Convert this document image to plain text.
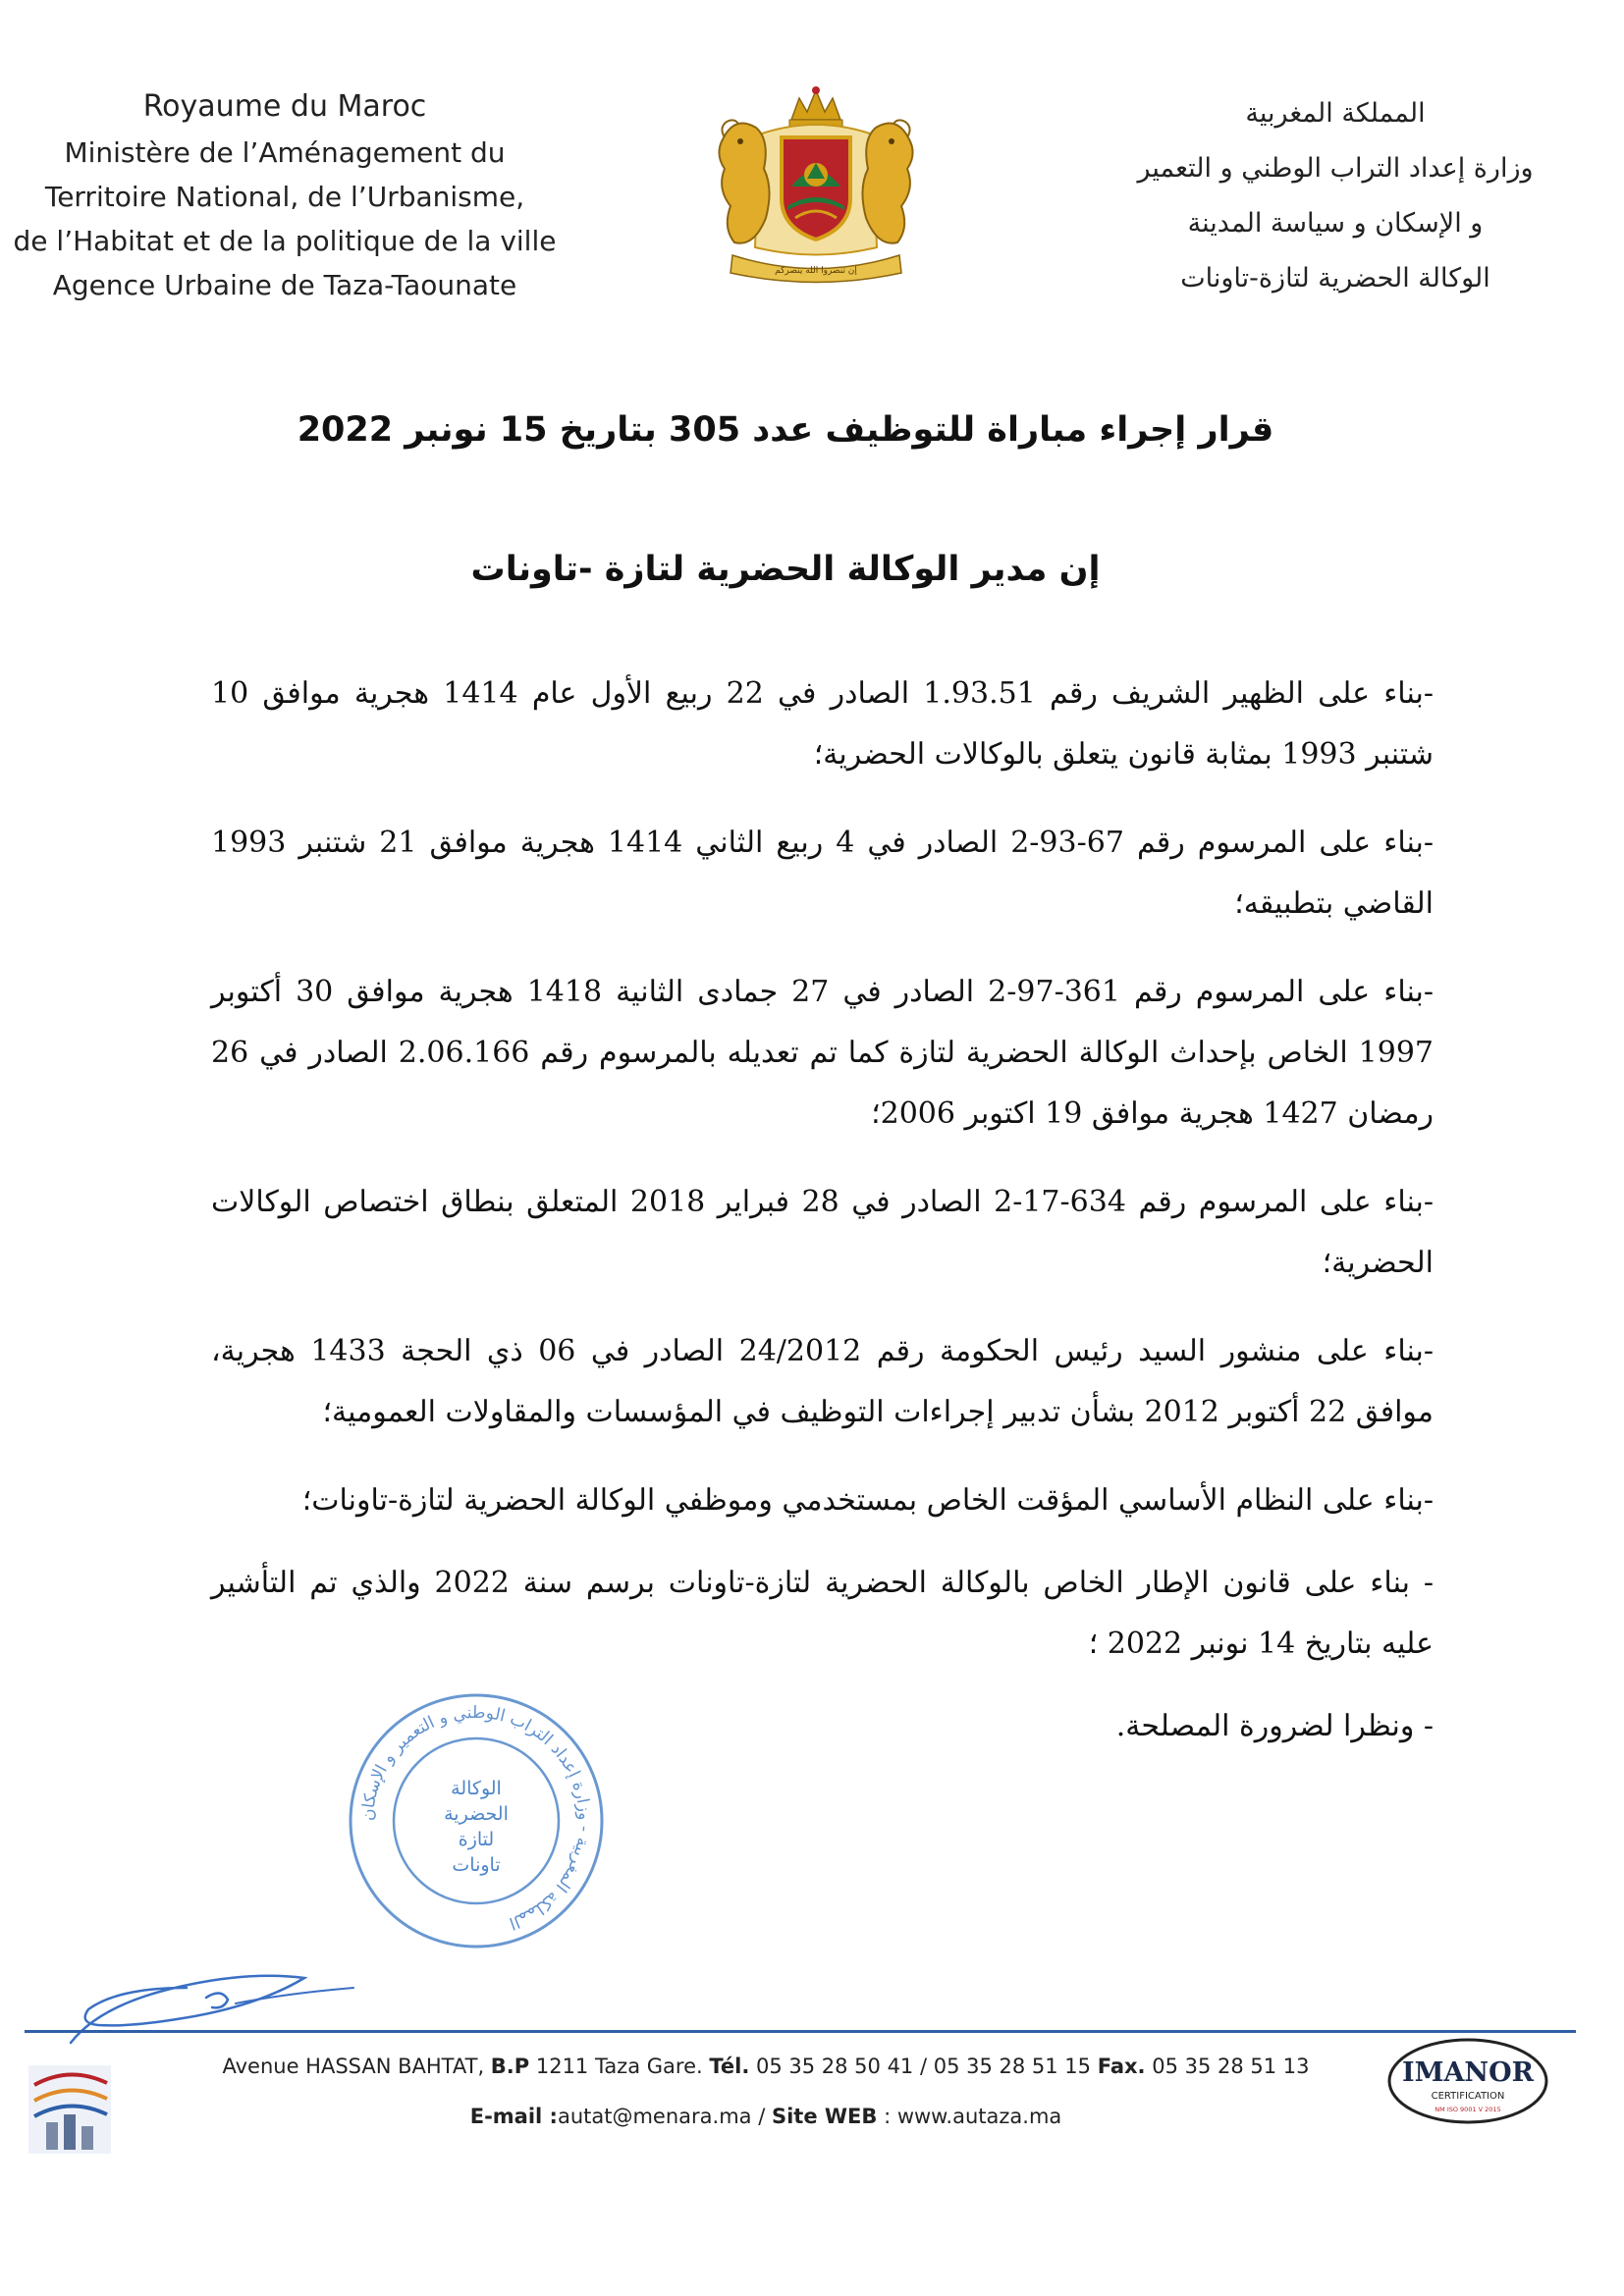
Royaume du Maroc
Ministère de l’Aménagement du
Territoire National, de l’Urbanisme,
de l’Habitat et de la politique de la ville
Agence Urbaine de Taza-Taounate	إن تنصروا الله ينصركم
المملكة المغربية
وزارة إعداد التراب الوطني و التعمير
و الإسكان و سياسة المدينة
الوكالة الحضرية لتازة-تاونات
قرار إجراء مباراة للتوظيف عدد 305 بتاريخ 15 نونبر 2022
إن مدير الوكالة الحضرية لتازة -تاونات

-بناء على الظهير الشريف رقم 1.93.51 الصادر في 22 ربيع الأول عام 1414 هجرية موافق 10 شتنبر 1993 بمثابة قانون يتعلق بالوكالات الحضرية؛

-بناء على المرسوم رقم 67-93-2 الصادر في 4 ربيع الثاني 1414 هجرية موافق 21 شتنبر 1993 القاضي بتطبيقه؛

-بناء على المرسوم رقم 361-97-2 الصادر في 27 جمادى الثانية 1418 هجرية موافق 30 أكتوبر 1997 الخاص بإحداث الوكالة الحضرية لتازة كما تم تعديله بالمرسوم رقم 2.06.166 الصادر في 26 رمضان 1427 هجرية موافق 19 اكتوبر 2006؛

-بناء على المرسوم رقم 634-17-2 الصادر في 28 فبراير 2018 المتعلق بنطاق اختصاص الوكالات الحضرية؛

-بناء على منشور السيد رئيس الحكومة رقم 24/2012 الصادر في 06 ذي الحجة 1433 هجرية، موافق 22 أكتوبر 2012 بشأن تدبير إجراءات التوظيف في المؤسسات والمقاولات العمومية؛

-بناء على النظام الأساسي المؤقت الخاص بمستخدمي وموظفي الوكالة الحضرية لتازة-تاونات؛

- بناء على قانون الإطار الخاص بالوكالة الحضرية لتازة-تاونات برسم سنة 2022 والذي تم التأشير عليه بتاريخ 14 نونبر 2022 ؛

- ونظرا لضرورة المصلحة.

المملكة المغربية - وزارة إعداد التراب الوطني و التعمير و الإسكان
الوكالة
الحضرية
لتازة
تاونات
Avenue HASSAN BAHTAT, B.P 1211 Taza Gare. Tél. 05 35 28 50 41 / 05 35 28 51 15 Fax. 05 35 28 51 13
E-mail :autat@menara.ma / Site WEB : www.autaza.ma
IMANOR
CERTIFICATION
NM ISO 9001 V 2015
